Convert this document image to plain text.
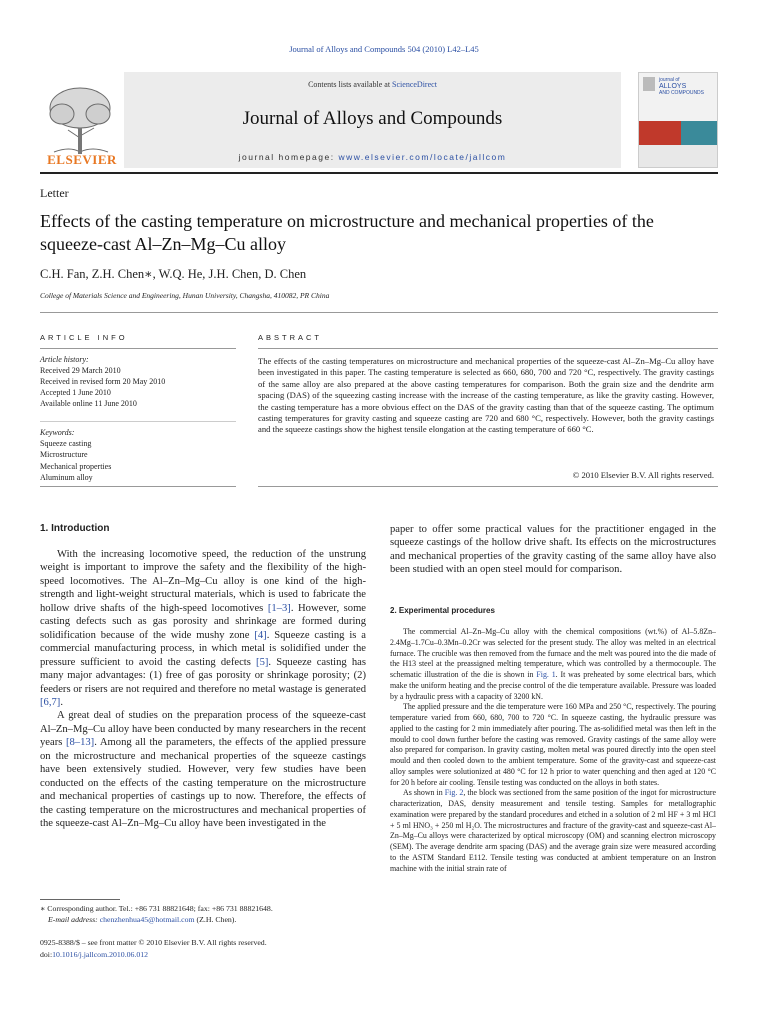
Journal of Alloys and Compounds 504 (2010) L42–L45
ELSEVIER
Contents lists available at ScienceDirect
Journal of Alloys and Compounds
journal homepage: www.elsevier.com/locate/jallcom
journal of
ALLOYS
AND COMPOUNDS
Letter
Effects of the casting temperature on microstructure and mechanical properties of the squeeze-cast Al–Zn–Mg–Cu alloy
C.H. Fan, Z.H. Chen∗, W.Q. He, J.H. Chen, D. Chen
College of Materials Science and Engineering, Hunan University, Changsha, 410082, PR China
ARTICLE INFO	ABSTRACT
Article history:
Received 29 March 2010
Received in revised form 20 May 2010
Accepted 1 June 2010
Available online 11 June 2010
Keywords:
Squeeze casting
Microstructure
Mechanical properties
Aluminum alloy
The effects of the casting temperatures on microstructure and mechanical properties of the squeeze-cast Al–Zn–Mg–Cu alloy have been investigated in this paper. The casting temperature is selected as 660, 680, 700 and 720 °C, respectively. The gravity castings of the same alloy are also prepared at the above casting temperatures for comparison. Both the grain size and the dendrite arm spacing (DAS) of the squeezing casting increase with the increase of the casting temperature, as like the gravity casting. However, the casting temperature has a more obvious effect on the DAS of the gravity casting than that of the squeeze casting. The optimum casting temperatures for gravity casting and squeeze casting are 720 and 680 °C, respectively. However, both the gravity castings and the squeeze castings show the highest tensile elongation at the casting temperature of 660 °C.
© 2010 Elsevier B.V. All rights reserved.
1. Introduction

With the increasing locomotive speed, the reduction of the unstrung weight is important to improve the safety and the flexibility of the high-speed locomotives. The Al–Zn–Mg–Cu alloy is one kind of the high-strength and light-weight structural materials, which is used to fabricate the hollow drive shafts of the high-speed locomotives [1–3]. However, some casting defects such as gas porosity and shrinkage are formed during solidification because of the wide mushy zone [4]. Squeeze casting is a commercial manufacturing process, in which metal is solidified under the pressure sufficient to avoid the casting defects [5]. Squeeze casting has many major advantages: (1) free of gas porosity or shrinkage porosity; (2) feeders or risers are not required and therefore no metal wastage is generated [6,7].

A great deal of studies on the preparation process of the squeeze-cast Al–Zn–Mg–Cu alloy have been conducted by many researchers in the recent years [8–13]. Among all the parameters, the effects of the applied pressure on the microstructure and mechanical properties of the squeeze castings have been extensively studied. However, very few studies have been conducted on the effects of the casting temperature on the microstructure and mechanical properties of castings up to now. Therefore, the effects of the casting temperature on the microstructures and mechanical properties of the squeeze-cast Al–Zn–Mg–Cu alloy have been investigated in the

paper to offer some practical values for the practitioner engaged in the squeeze castings of the hollow drive shaft. Its effects on the microstructures and mechanical properties of the gravity casting of the same alloy have also been studied with an open steel mould for comparison.
2. Experimental procedures

The commercial Al–Zn–Mg–Cu alloy with the chemical compositions (wt.%) of Al–5.8Zn–2.4Mg–1.7Cu–0.3Mn–0.2Cr was selected for the present study. The alloy was melted in an electrical furnace. The crucible was then removed from the furnace and the melt was poured into the die made of the H13 steel at the preassigned melting temperature, which was controlled by a thermocouple. The schematic illustration of the die is shown in Fig. 1. It was preheated by some electrical bars, which make the uniform heating and the precise control of the die temperature available. Pressure was loaded by a hydraulic press with a capacity of 3200 kN.

The applied pressure and the die temperature were 160 MPa and 250 °C, respectively. The pouring temperature varied from 660, 680, 700 to 720 °C. In squeeze casting, the hydraulic pressure was applied to the casting for 2 min immediately after pouring. The as-solidified metal was then left in the mould to cool down further before the casting was removed. Gravity castings of the same alloy were also prepared for comparison. In gravity casting, molten metal was poured directly into the open steel mould and then cooled down to the ambient temperature. Some of the gravity-cast and squeeze-cast alloy samples were solutionized at 480 °C for 12 h prior to water quenching and then aged at 120 °C for 20 h before air cooling. Tensile testing was conducted on the alloys in both states.

As shown in Fig. 2, the block was sectioned from the same position of the ingot for microstructure characterization, DAS, density measurement and tensile testing. Samples for metallographic examination were prepared by the standard procedures and etched in a solution of 2 ml HF + 3 ml HCl + 5 ml HNO₃ + 250 ml H₂O. The microstructures and fracture of the gravity-cast and squeeze-cast Al–Zn–Mg–Cu alloys were characterized by optical microscopy (OM) and scanning electron microscopy (SEM). The average dendrite arm spacing (DAS) and the average grain size were measured according to the ASTM Standard E112. Tensile testing was conducted at ambient temperature on an Instron machine with the initial strain rate of

∗ Corresponding author. Tel.: +86 731 88821648; fax: +86 731 88821648.
E-mail address: chenzhenhua45@hotmail.com (Z.H. Chen).
0925-8388/$ – see front matter © 2010 Elsevier B.V. All rights reserved.
doi:10.1016/j.jallcom.2010.06.012
